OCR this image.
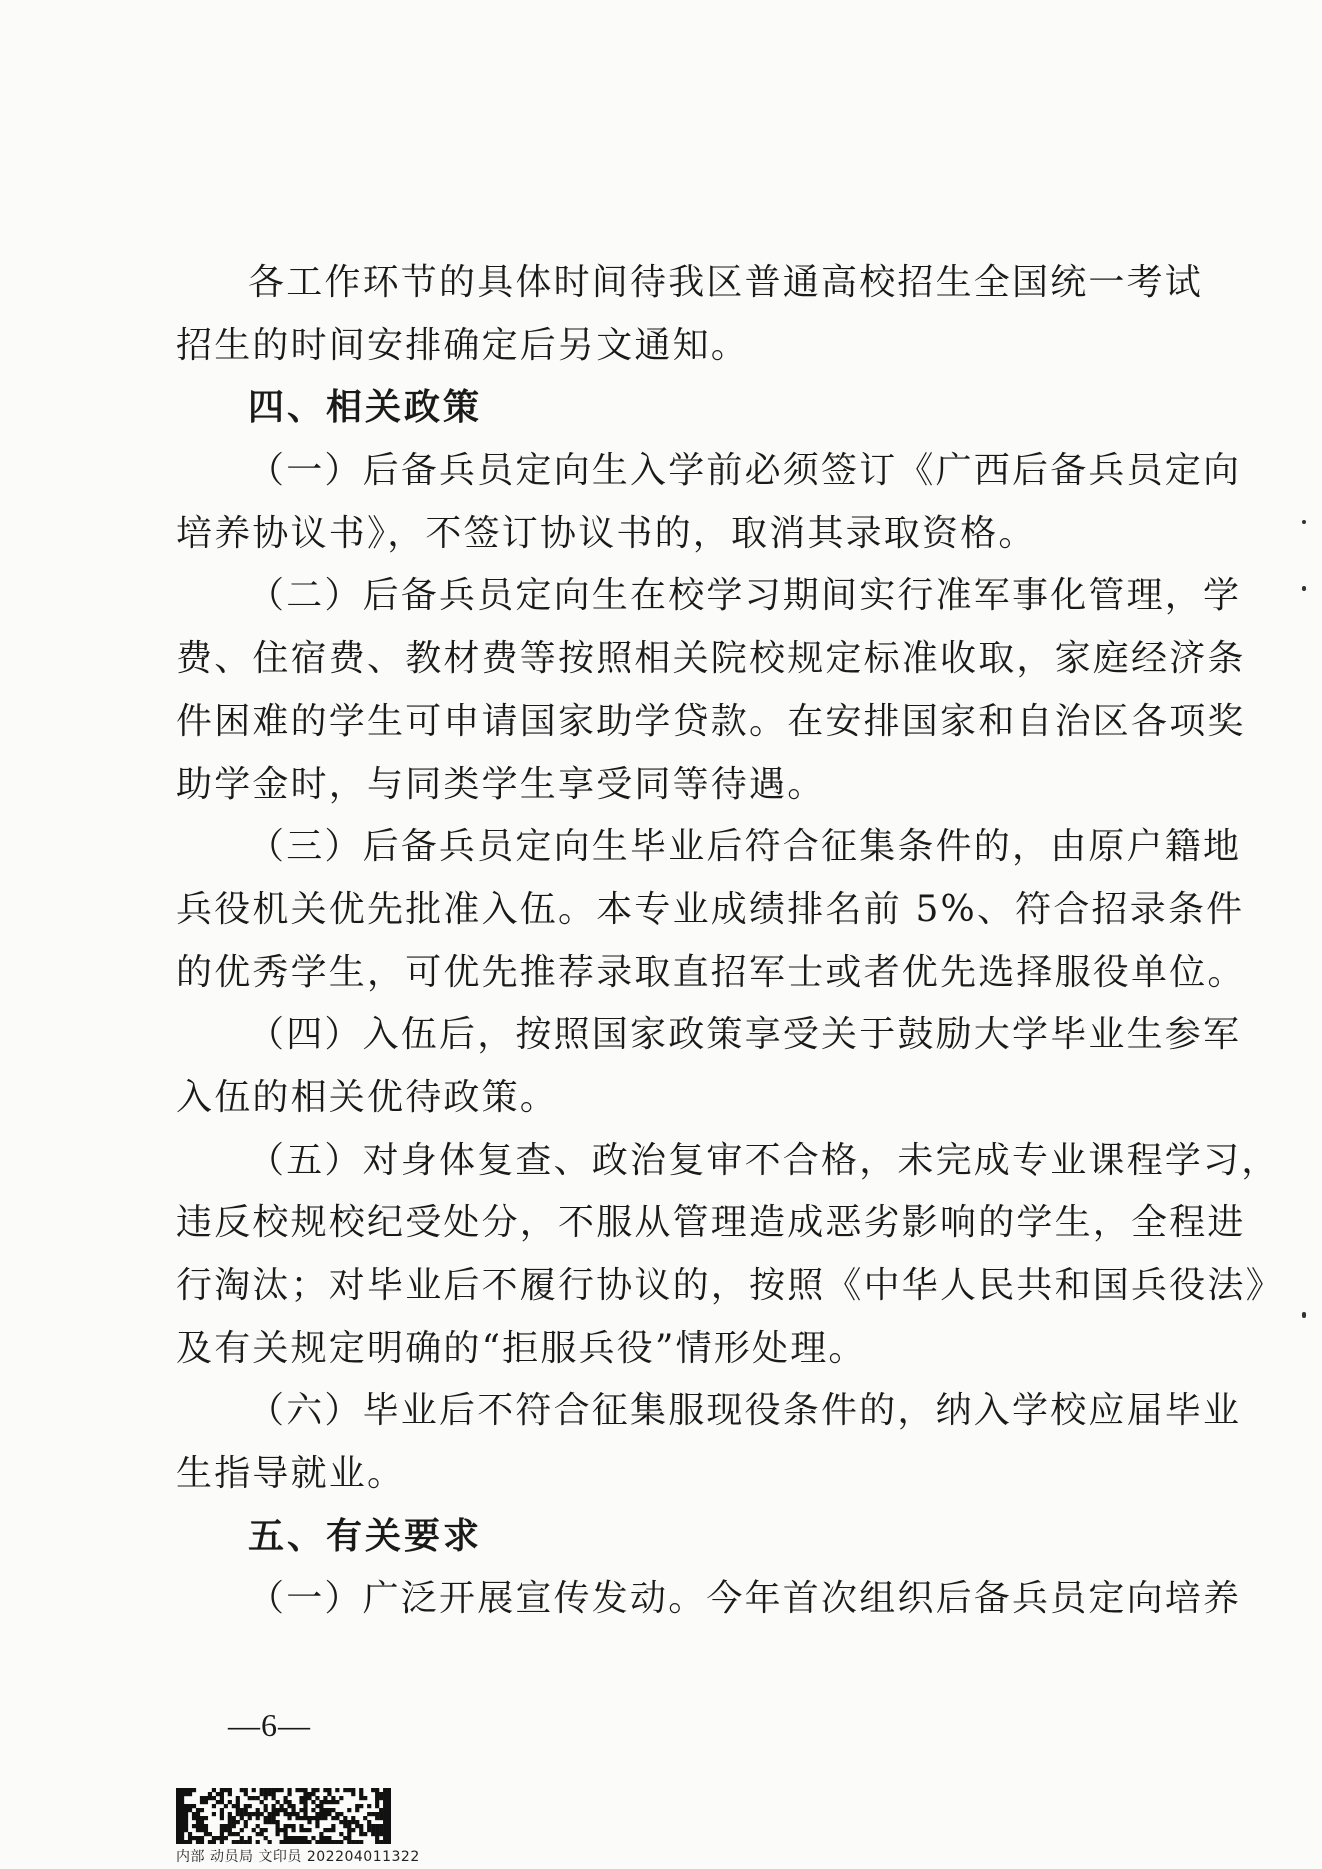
各工作环节的具体时间待我区普通高校招生全国统一考试
招生的时间安排确定后另文通知。
四、相关政策
（一）后备兵员定向生入学前必须签订《广西后备兵员定向
培养协议书》，不签订协议书的，取消其录取资格。
（二）后备兵员定向生在校学习期间实行准军事化管理，学
费、住宿费、教材费等按照相关院校规定标准收取，家庭经济条
件困难的学生可申请国家助学贷款。在安排国家和自治区各项奖
助学金时，与同类学生享受同等待遇。
（三）后备兵员定向生毕业后符合征集条件的，由原户籍地
兵役机关优先批准入伍。本专业成绩排名前 5%、符合招录条件
的优秀学生，可优先推荐录取直招军士或者优先选择服役单位。
（四）入伍后，按照国家政策享受关于鼓励大学毕业生参军
入伍的相关优待政策。
（五）对身体复查、政治复审不合格，未完成专业课程学习，
违反校规校纪受处分，不服从管理造成恶劣影响的学生，全程进
行淘汰；对毕业后不履行协议的，按照《中华人民共和国兵役法》
及有关规定明确的“拒服兵役”情形处理。
（六）毕业后不符合征集服现役条件的，纳入学校应届毕业
生指导就业。
五、有关要求
（一）广泛开展宣传发动。今年首次组织后备兵员定向培养
—6—
内部 动员局 文印员 202204011322
